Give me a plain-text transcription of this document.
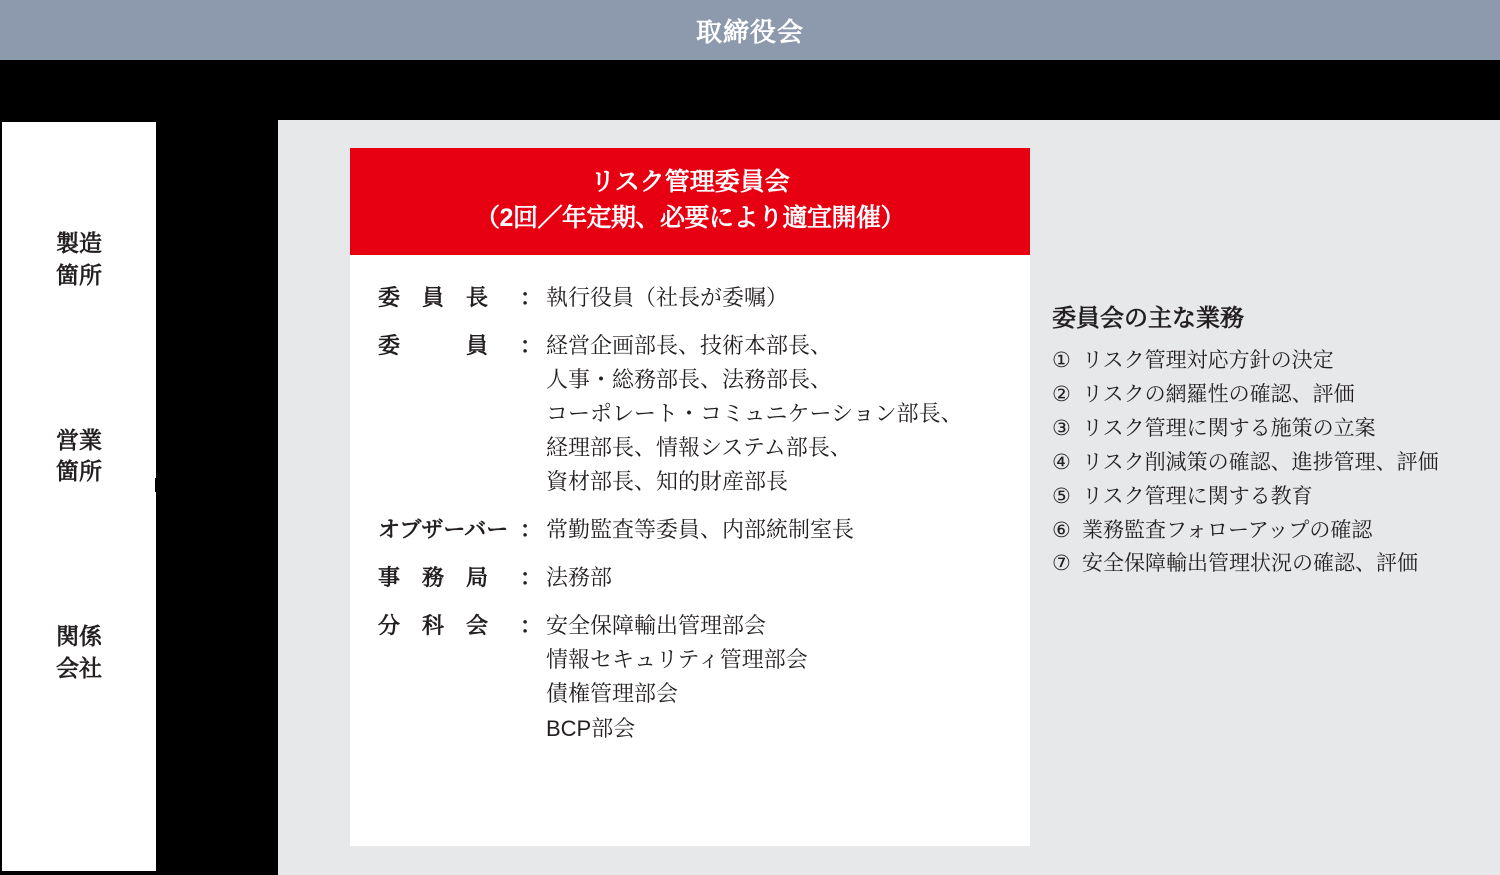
取締役会
製造
箇所
営業
箇所
関係
会社
リスク管理委員会
（2回／年定期、必要により適宜開催）
委　員　長	： 執行役員（社長が委嘱）
委　　　員	： 経営企画部長、技術本部長、
人事・総務部長、法務部長、
コーポレート・コミュニケーション部長、
経理部長、情報システム部長、
資材部長、知的財産部長
オブザーバー ： 常勤監査等委員、内部統制室長
事　務　局	： 法務部
分　科　会	： 安全保障輸出管理部会
情報セキュリティ管理部会
債権管理部会
BCP部会
委員会の主な業務
① リスク管理対応方針の決定
② リスクの網羅性の確認、評価
③ リスク管理に関する施策の立案
④ リスク削減策の確認、進捗管理、評価
⑤ リスク管理に関する教育
⑥ 業務監査フォローアップの確認
⑦ 安全保障輸出管理状況の確認、評価
